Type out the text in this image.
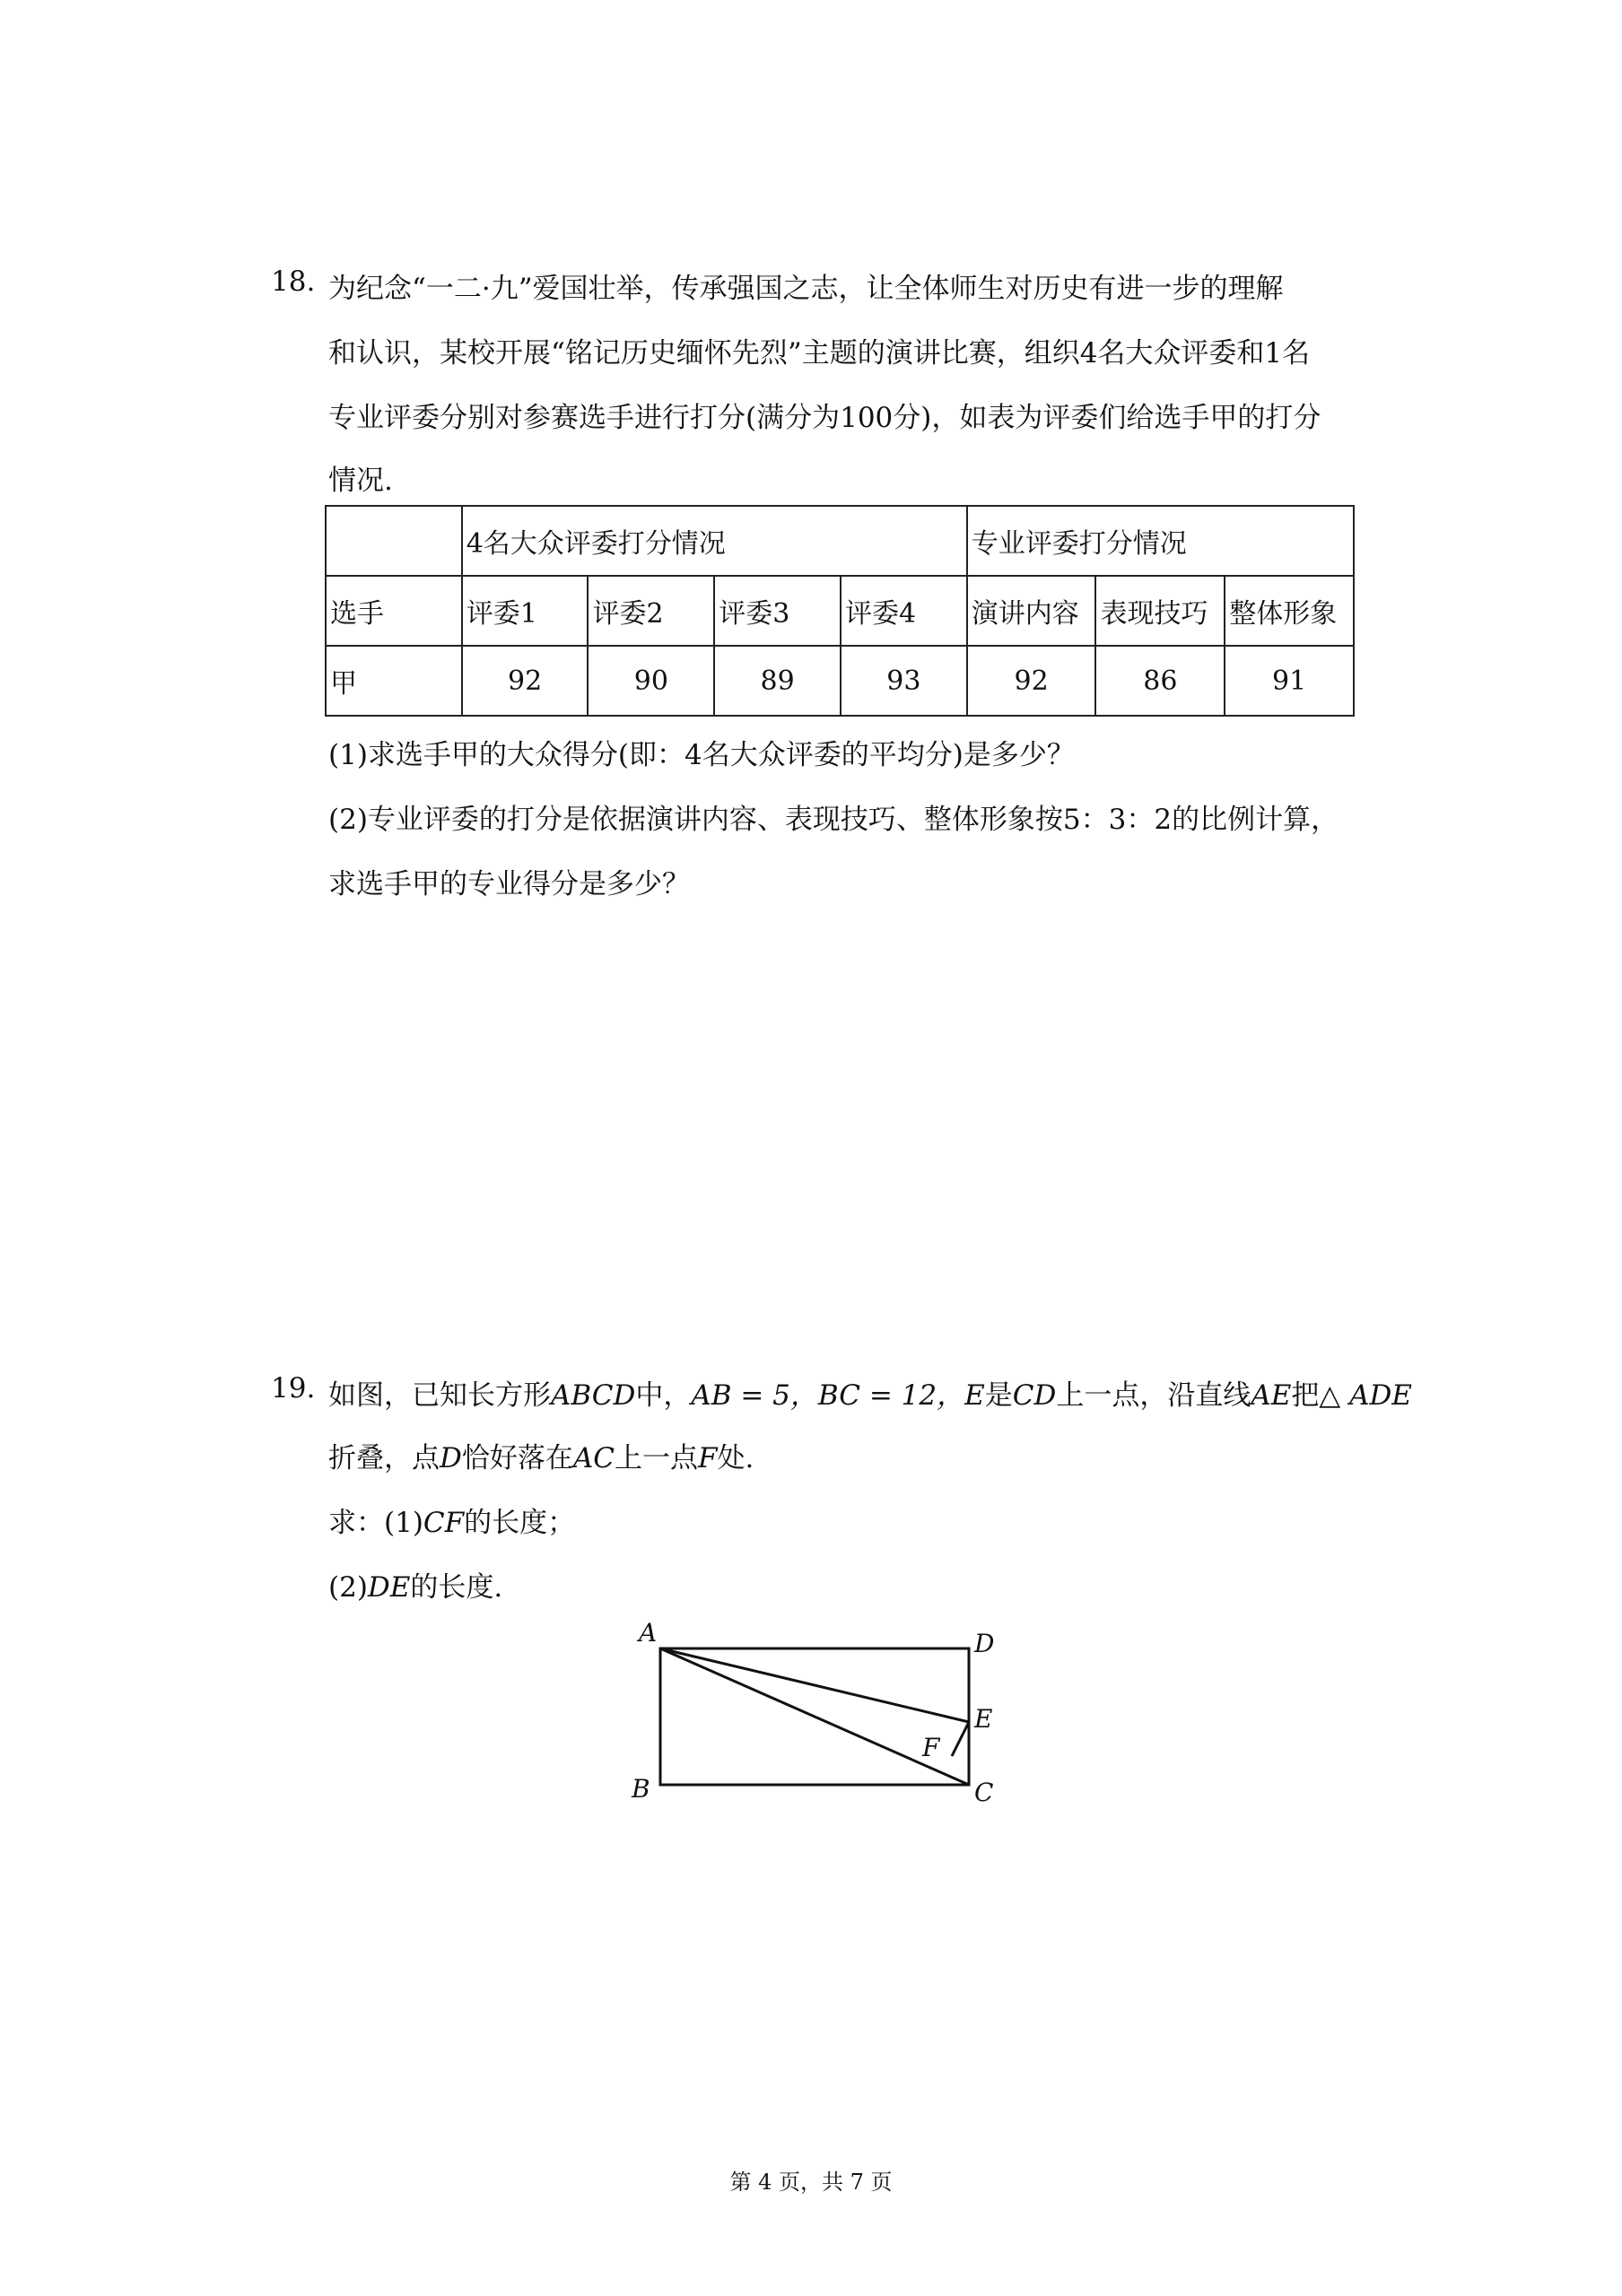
18. 为纪念“一二·九”爱国壮举，传承强国之志，让全体师生对历史有进一步的理解
和认识，某校开展“铭记历史缅怀先烈”主题的演讲比赛，组织4名大众评委和1名
专业评委分别对参赛选手进行打分(满分为100分)，如表为评委们给选手甲的打分
情况.
	4名大众评委打分情况				专业评委打分情况		
选手	评委1	评委2	评委3	评委4	演讲内容	表现技巧	整体形象
甲	92	90	89	93	92	86	91
(1)求选手甲的大众得分(即：4名大众评委的平均分)是多少？
(2)专业评委的打分是依据演讲内容、表现技巧、整体形象按5：3：2的比例计算，
求选手甲的专业得分是多少？
19. 如图，已知长方形ABCD中，AB = 5，BC = 12，E是CD上一点，沿直线AE把△ ADE
折叠，点D恰好落在AC上一点F处.
求：(1)CF的长度；
(2)DE的长度.
A	D
E
F
B	C
第 4 页，共 7 页
